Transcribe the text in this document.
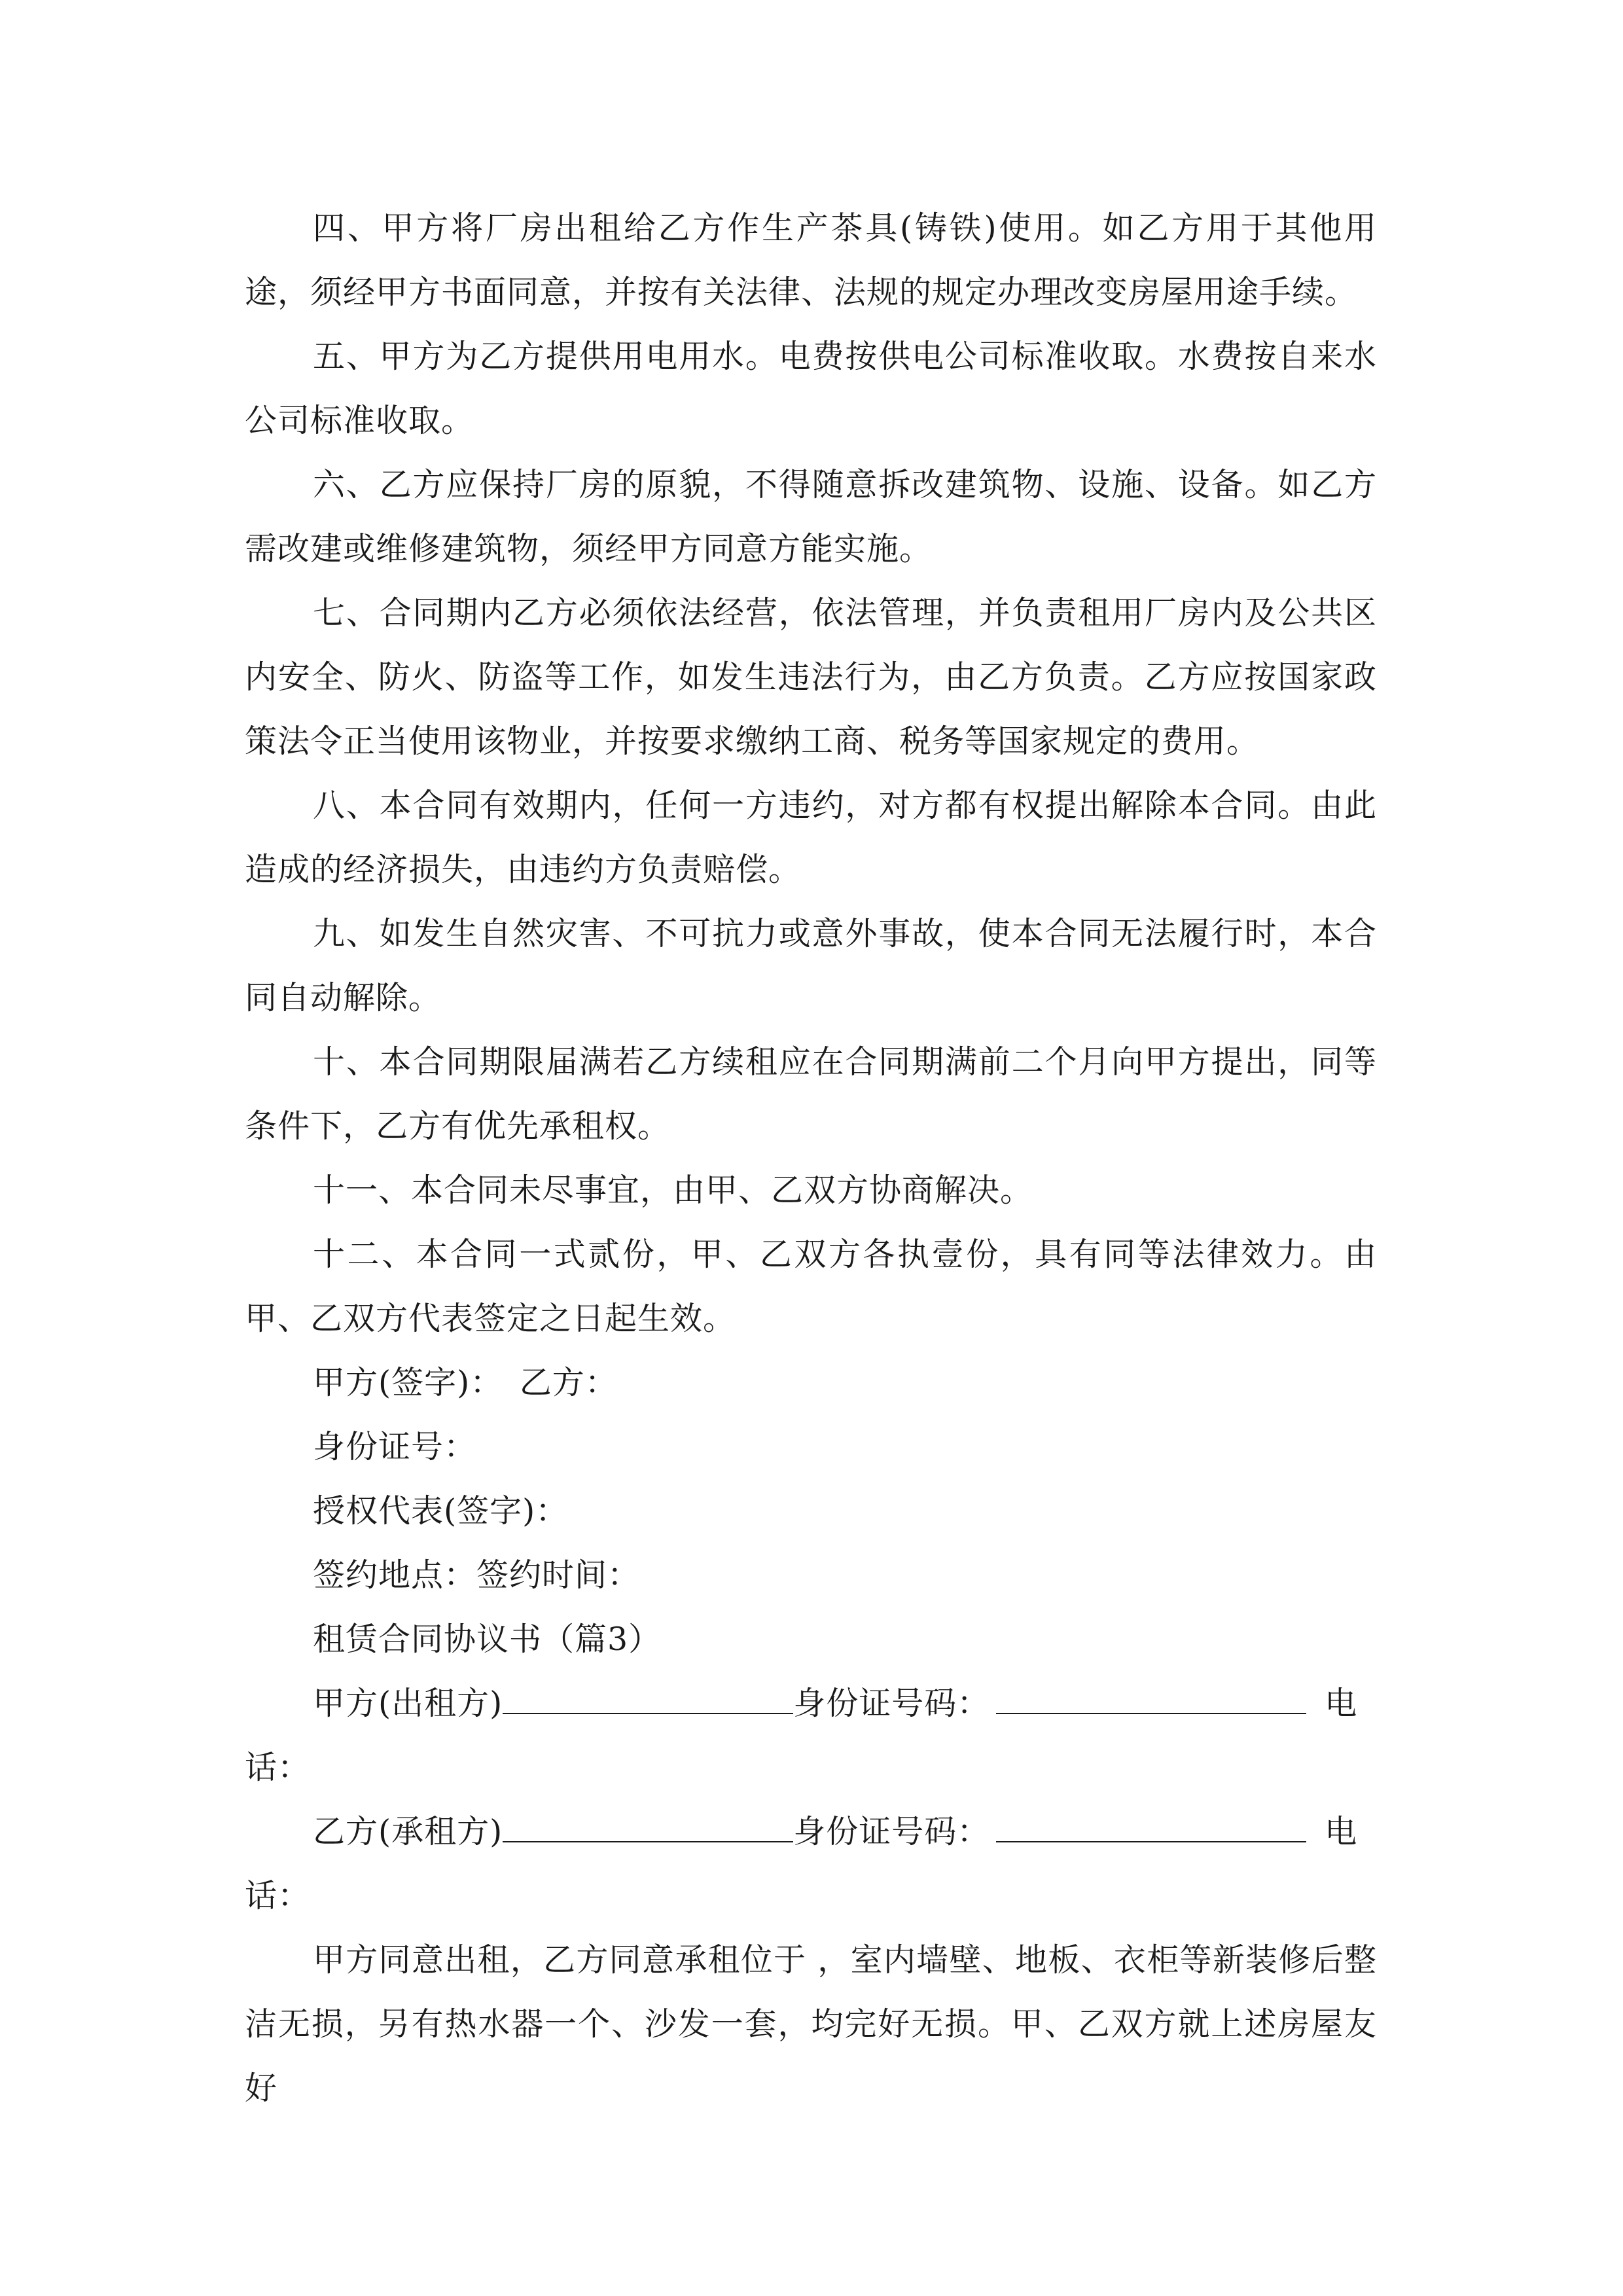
四、甲方将厂房出租给乙方作生产茶具(铸铁)使用。如乙方用于其他用途，须经甲方书面同意，并按有关法律、法规的规定办理改变房屋用途手续。

五、甲方为乙方提供用电用水。电费按供电公司标准收取。水费按自来水公司标准收取。

六、乙方应保持厂房的原貌，不得随意拆改建筑物、设施、设备。如乙方需改建或维修建筑物，须经甲方同意方能实施。

七、合同期内乙方必须依法经营，依法管理，并负责租用厂房内及公共区内安全、防火、防盗等工作，如发生违法行为，由乙方负责。乙方应按国家政策法令正当使用该物业，并按要求缴纳工商、税务等国家规定的费用。

八、本合同有效期内，任何一方违约，对方都有权提出解除本合同。由此造成的经济损失，由违约方负责赔偿。

九、如发生自然灾害、不可抗力或意外事故，使本合同无法履行时，本合同自动解除。

十、本合同期限届满若乙方续租应在合同期满前二个月向甲方提出，同等条件下，乙方有优先承租权。

十一、本合同未尽事宜，由甲、乙双方协商解决。

十二、本合同一式贰份，甲、乙双方各执壹份，具有同等法律效力。由甲、乙双方代表签定之日起生效。

甲方(签字)：　乙方：

身份证号：

授权代表(签字)：

签约地点：签约时间：

租赁合同协议书（篇3）

甲方(出租方)	身份证号码：	电

话：

乙方(承租方)	身份证号码：	电

话：

甲方同意出租，乙方同意承租位于 ，室内墙壁、地板、衣柜等新装修后整洁无损，另有热水器一个、沙发一套，均完好无损。甲、乙双方就上述房屋友好
